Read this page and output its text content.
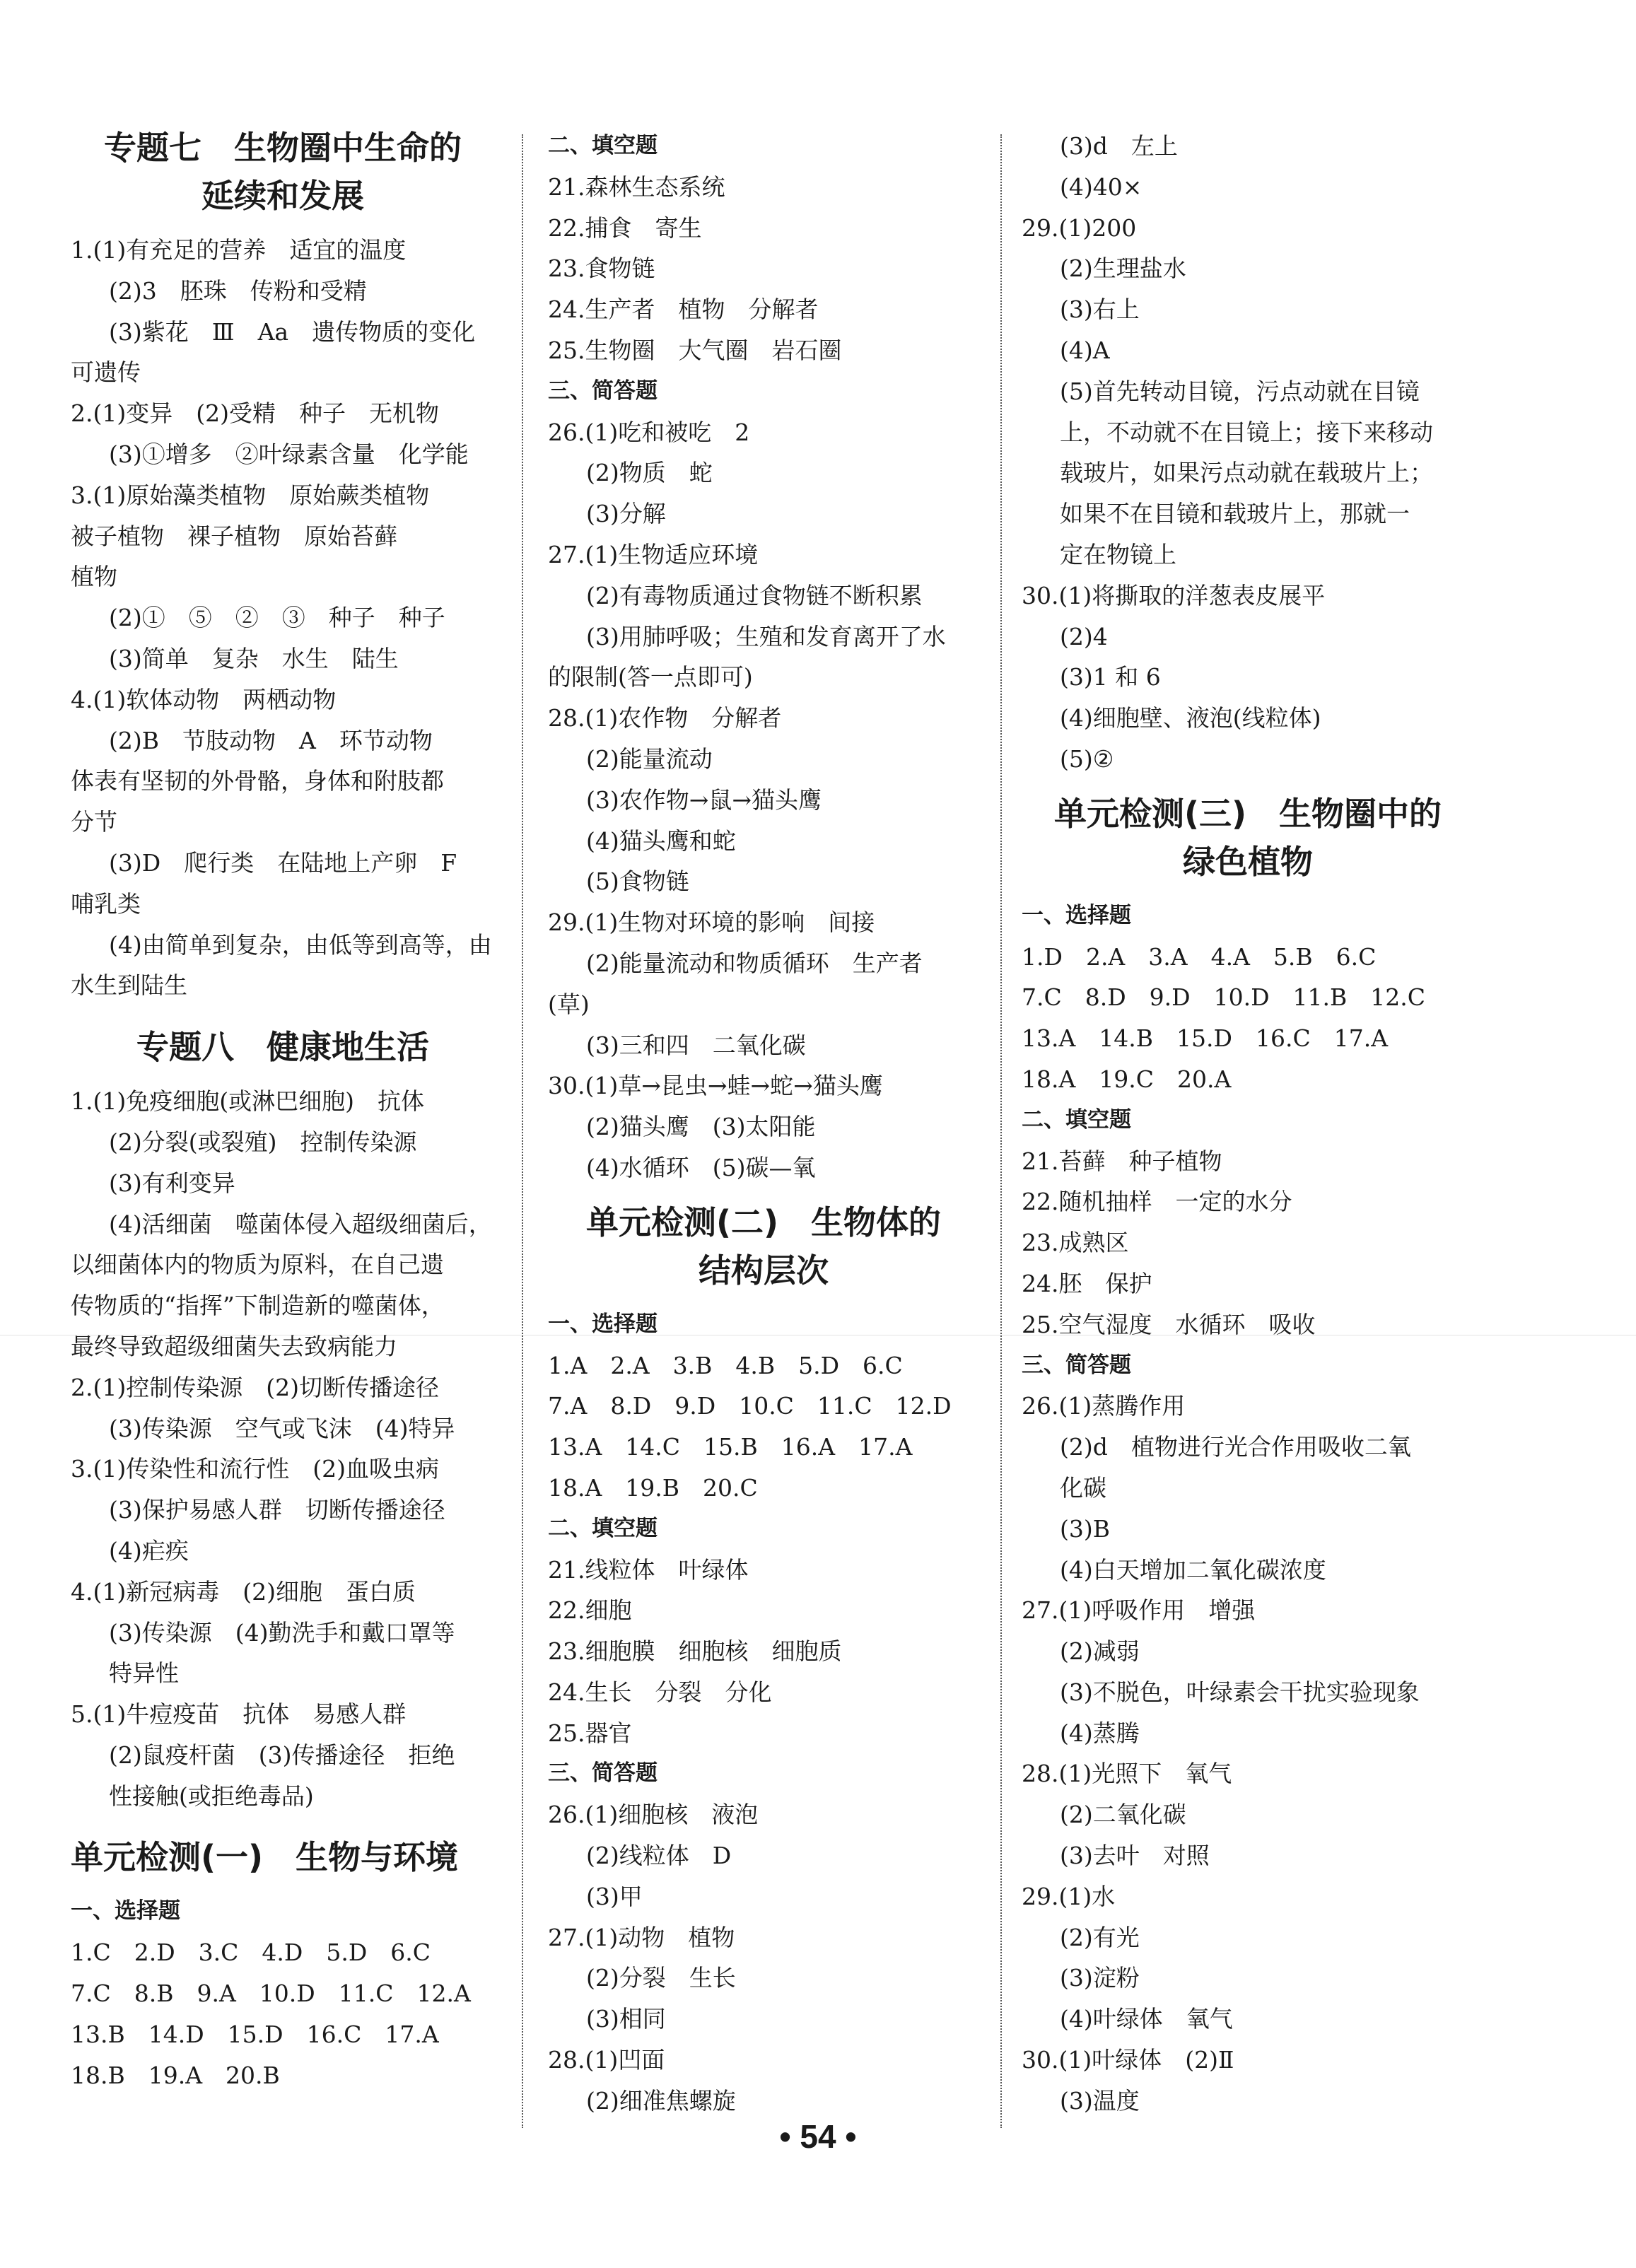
专题七　生物圈中生命的
延续和发展
1.(1)有充足的营养　适宜的温度
(2)3　胚珠　传粉和受精
(3)紫花　Ⅲ　Aa　遗传物质的变化
可遗传
2.(1)变异　(2)受精　种子　无机物
(3)①增多　②叶绿素含量　化学能
3.(1)原始藻类植物　原始蕨类植物
被子植物　裸子植物　原始苔藓
植物
(2)①　⑤　②　③　种子　种子
(3)简单　复杂　水生　陆生
4.(1)软体动物　两栖动物
(2)B　节肢动物　A　环节动物
体表有坚韧的外骨骼，身体和附肢都
分节
(3)D　爬行类　在陆地上产卵　F
哺乳类
(4)由简单到复杂，由低等到高等，由
水生到陆生
专题八　健康地生活
1.(1)免疫细胞(或淋巴细胞)　抗体
(2)分裂(或裂殖)　控制传染源
(3)有利变异
(4)活细菌　噬菌体侵入超级细菌后，
以细菌体内的物质为原料，在自己遗
传物质的“指挥”下制造新的噬菌体，
最终导致超级细菌失去致病能力
2.(1)控制传染源　(2)切断传播途径
(3)传染源　空气或飞沫　(4)特异
3.(1)传染性和流行性　(2)血吸虫病
(3)保护易感人群　切断传播途径
(4)疟疾
4.(1)新冠病毒　(2)细胞　蛋白质
(3)传染源　(4)勤洗手和戴口罩等
特异性
5.(1)牛痘疫苗　抗体　易感人群
(2)鼠疫杆菌　(3)传播途径　拒绝
性接触(或拒绝毒品)
单元检测(一)　生物与环境
一、选择题
1.C　2.D　3.C　4.D　5.D　6.C
7.C　8.B　9.A　10.D　11.C　12.A
13.B　14.D　15.D　16.C　17.A
18.B　19.A　20.B
二、填空题
21.森林生态系统
22.捕食　寄生
23.食物链
24.生产者　植物　分解者
25.生物圈　大气圈　岩石圈
三、简答题
26.(1)吃和被吃　2
(2)物质　蛇
(3)分解
27.(1)生物适应环境
(2)有毒物质通过食物链不断积累
(3)用肺呼吸；生殖和发育离开了水
的限制(答一点即可)
28.(1)农作物　分解者
(2)能量流动
(3)农作物→鼠→猫头鹰
(4)猫头鹰和蛇
(5)食物链
29.(1)生物对环境的影响　间接
(2)能量流动和物质循环　生产者
(草)
(3)三和四　二氧化碳
30.(1)草→昆虫→蛙→蛇→猫头鹰
(2)猫头鹰　(3)太阳能
(4)水循环　(5)碳—氧
单元检测(二)　生物体的
结构层次
一、选择题
1.A　2.A　3.B　4.B　5.D　6.C
7.A　8.D　9.D　10.C　11.C　12.D
13.A　14.C　15.B　16.A　17.A
18.A　19.B　20.C
二、填空题
21.线粒体　叶绿体
22.细胞
23.细胞膜　细胞核　细胞质
24.生长　分裂　分化
25.器官
三、简答题
26.(1)细胞核　液泡
(2)线粒体　D
(3)甲
27.(1)动物　植物
(2)分裂　生长
(3)相同
28.(1)凹面
(2)细准焦螺旋
(3)d　左上
(4)40×
29.(1)200
(2)生理盐水
(3)右上
(4)A
(5)首先转动目镜，污点动就在目镜
上，不动就不在目镜上；接下来移动
载玻片，如果污点动就在载玻片上；
如果不在目镜和载玻片上，那就一
定在物镜上
30.(1)将撕取的洋葱表皮展平
(2)4
(3)1 和 6
(4)细胞壁、液泡(线粒体)
(5)②
单元检测(三)　生物圈中的
绿色植物
一、选择题
1.D　2.A　3.A　4.A　5.B　6.C
7.C　8.D　9.D　10.D　11.B　12.C
13.A　14.B　15.D　16.C　17.A
18.A　19.C　20.A
二、填空题
21.苔藓　种子植物
22.随机抽样　一定的水分
23.成熟区
24.胚　保护
25.空气湿度　水循环　吸收
三、简答题
26.(1)蒸腾作用
(2)d　植物进行光合作用吸收二氧
化碳
(3)B
(4)白天增加二氧化碳浓度
27.(1)呼吸作用　增强
(2)减弱
(3)不脱色，叶绿素会干扰实验现象
(4)蒸腾
28.(1)光照下　氧气
(2)二氧化碳
(3)去叶　对照
29.(1)水
(2)有光
(3)淀粉
(4)叶绿体　氧气
30.(1)叶绿体　(2)Ⅱ
(3)温度
• 54 •
